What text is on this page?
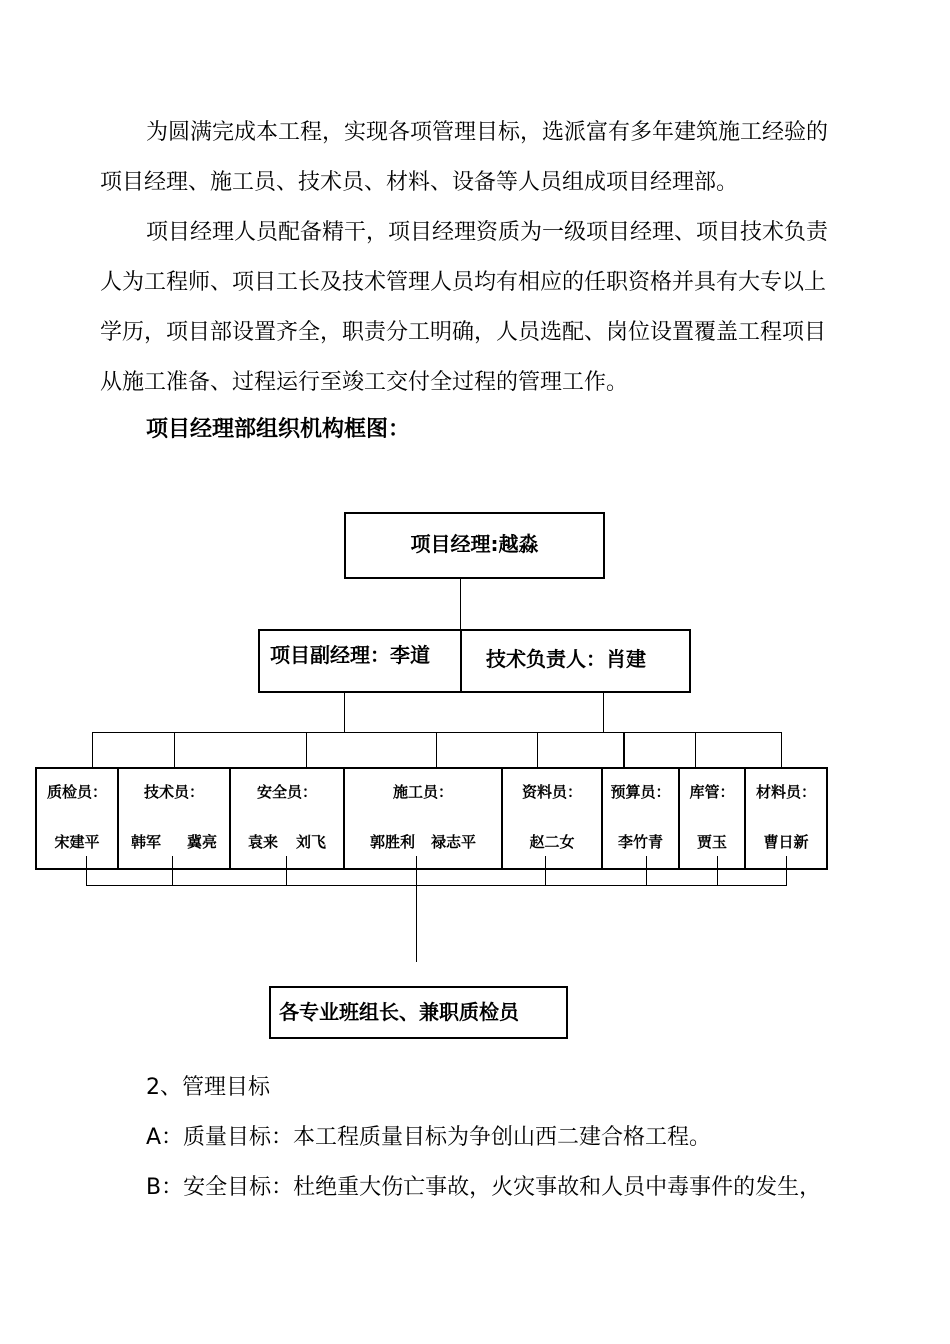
为圆满完成本工程，实现各项管理目标，选派富有多年建筑施工经验的
项目经理、施工员、技术员、材料、设备等人员组成项目经理部。
项目经理人员配备精干，项目经理资质为一级项目经理、项目技术负责
人为工程师、项目工长及技术管理人员均有相应的任职资格并具有大专以上
学历，项目部设置齐全，职责分工明确，人员选配、岗位设置覆盖工程项目
从施工准备、过程运行至竣工交付全过程的管理工作。
项目经理部组织机构框图：
项目经理:越淼
项目副经理：李道	技术负责人：肖建
质检员：
宋建平
技术员：
韩军 冀亮
安全员：
袁来 刘飞
施工员：
郭胜利 禄志平
资料员：
赵二女
预算员：
李竹青
库管：
贾玉
材料员：
曹日新
各专业班组长、兼职质检员

2、管理目标

A：质量目标：本工程质量目标为争创山西二建合格工程。

B：安全目标：杜绝重大伤亡事故，火灾事故和人员中毒事件的发生，
